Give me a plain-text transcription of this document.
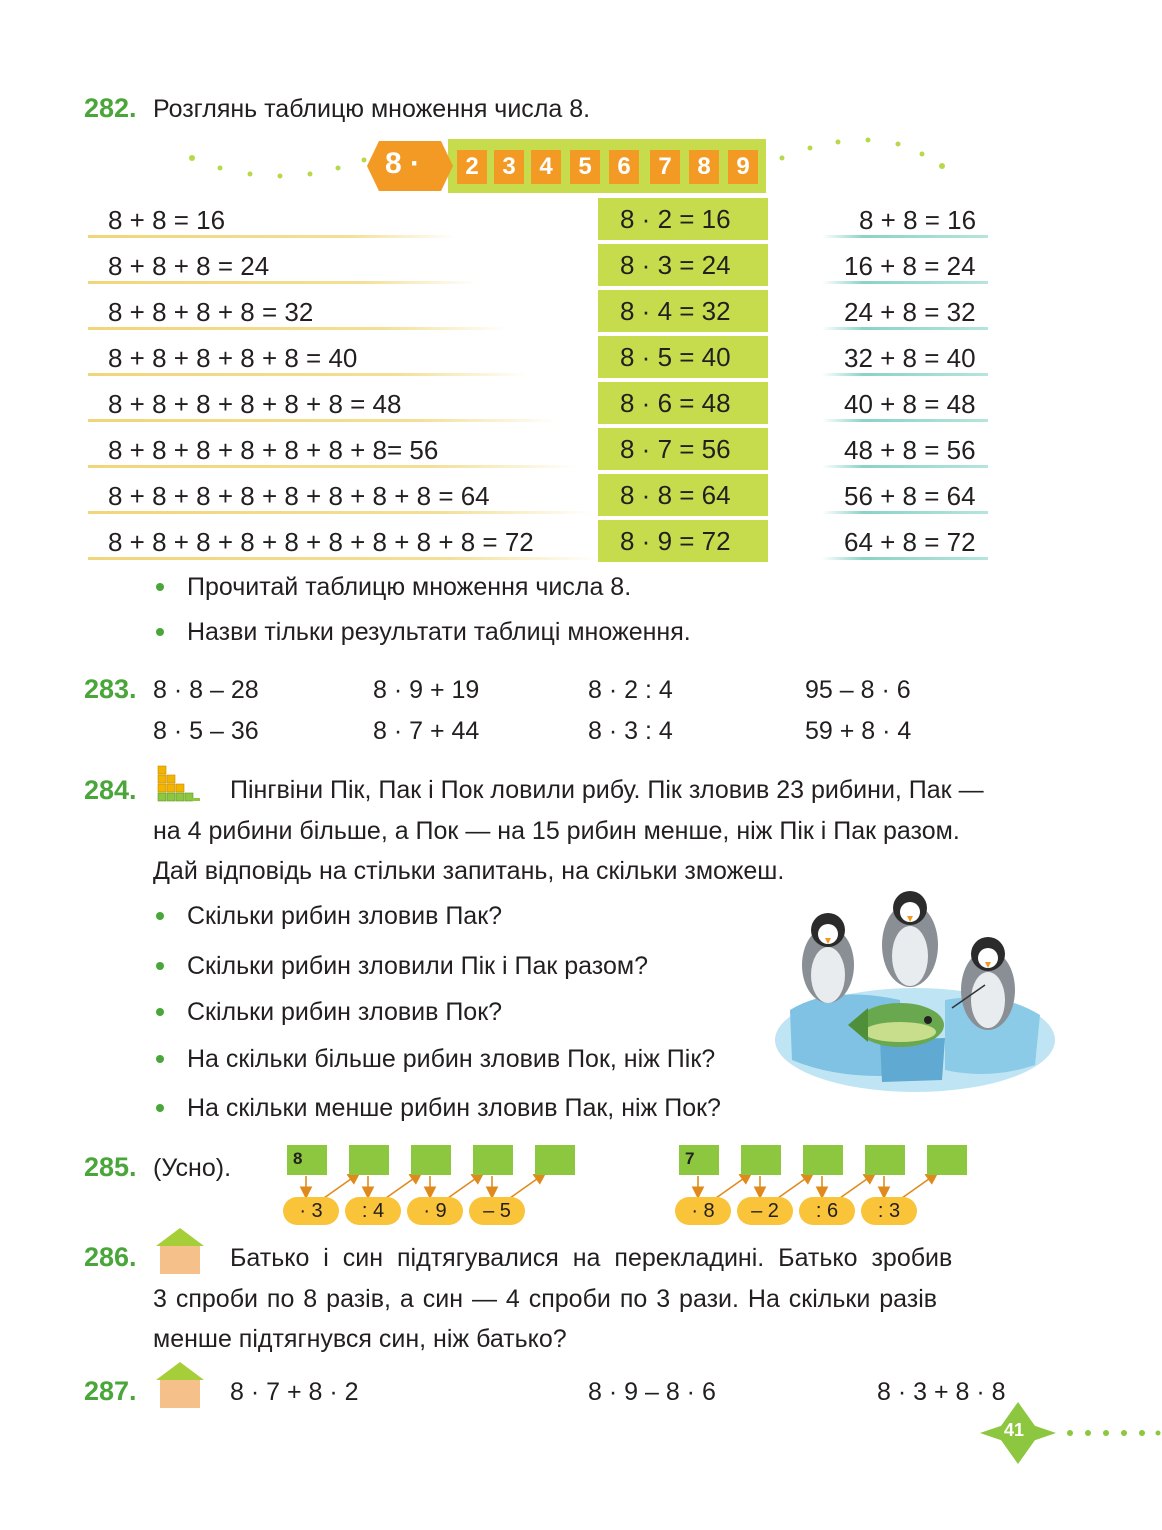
282. Розглянь таблицю множення числа 8.
8 ·	2 3 4	5	6	7	8	9
8 + 8 = 16	8 · 2 = 16	8 + 8 = 16
8 + 8 + 8 = 24	8 · 3 = 24	16 + 8 = 24
8 + 8 + 8 + 8 = 32	8 · 4 = 32	24 + 8 = 32
8 + 8 + 8 + 8 + 8 = 40	8 · 5 = 40	32 + 8 = 40
8 + 8 + 8 + 8 + 8 + 8 = 48	8 · 6 = 48	40 + 8 = 48
8 + 8 + 8 + 8 + 8 + 8 + 8= 56	8 · 7 = 56	48 + 8 = 56
8 + 8 + 8 + 8 + 8 + 8 + 8 + 8 = 64	8 · 8 = 64	56 + 8 = 64
8 + 8 + 8 + 8 + 8 + 8 + 8 + 8 + 8 = 72	8 · 9 = 72	64 + 8 = 72
Прочитай таблицю множення числа 8.
Назви тільки результати таблиці множення.
283. 8 · 8 – 28	8 · 9 + 19	8 · 2 : 4	95 – 8 · 6
8 · 5 – 36	8 · 7 + 44	8 · 3 : 4	59 + 8 · 4
284.	Пінгвіни Пік, Пак і Пок ловили рибу. Пік зловив 23 рибини, Пак —
на 4 рибини більше, а Пок — на 15 рибин менше, ніж Пік і Пак разом.
Дай відповідь на стільки запитань, на скільки зможеш.
Скільки рибин зловив Пак?
Скільки рибин зловили Пік і Пак разом?
Скільки рибин зловив Пок?
На скільки більше рибин зловив Пок, ніж Пік?
На скільки менше рибин зловив Пак, ніж Пок?
285. (Усно).	8
· 3	: 4	· 9	– 5
7
· 8	– 2	: 6	: 3
286.	Батько і син підтягувалися на перекладині. Батько зробив
3 спроби по 8 разів, а син — 4 спроби по 3 рази. На скільки разів
менше підтягнувся син, ніж батько?
287.	8 · 7 + 8 · 2	8 · 9 – 8 · 6	8 · 3 + 8 · 8
41
